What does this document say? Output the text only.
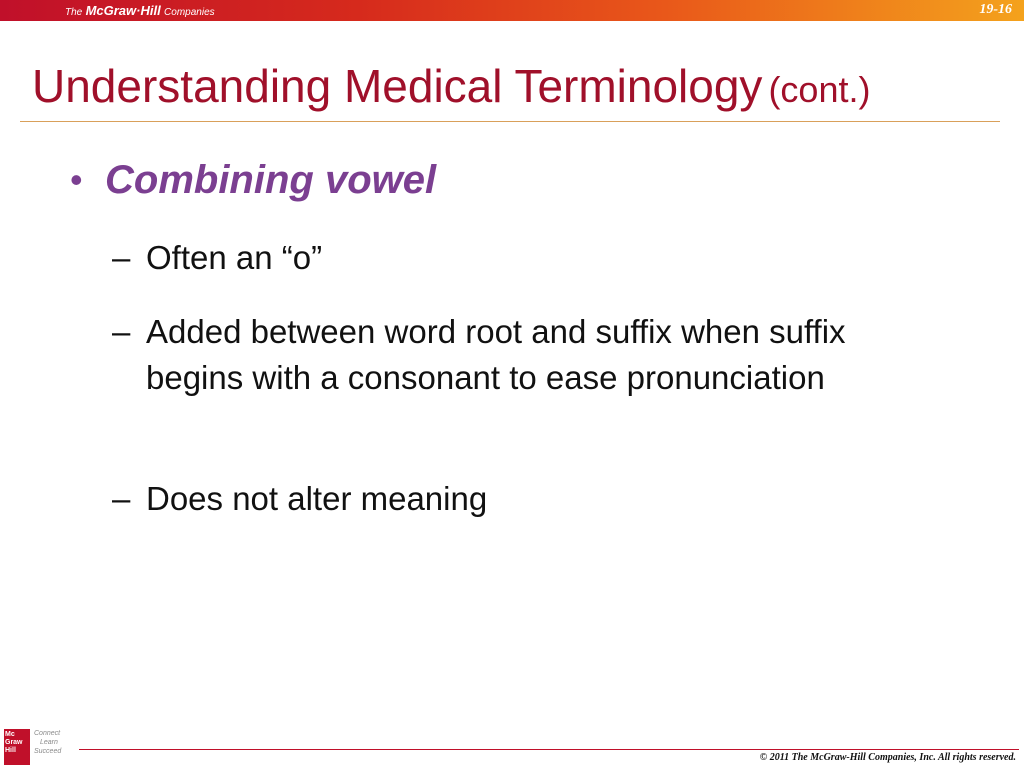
The McGraw·Hill Companies	19-16
Understanding Medical Terminology (cont.)
• Combining vowel
– Often an “o”
– Added between word root and suffix when suffix begins with a consonant to ease pronunciation
– Does not alter meaning
Mc
Graw
Hill
Connect
Learn
Succeed
© 2011 The McGraw-Hill Companies, Inc. All rights reserved.
